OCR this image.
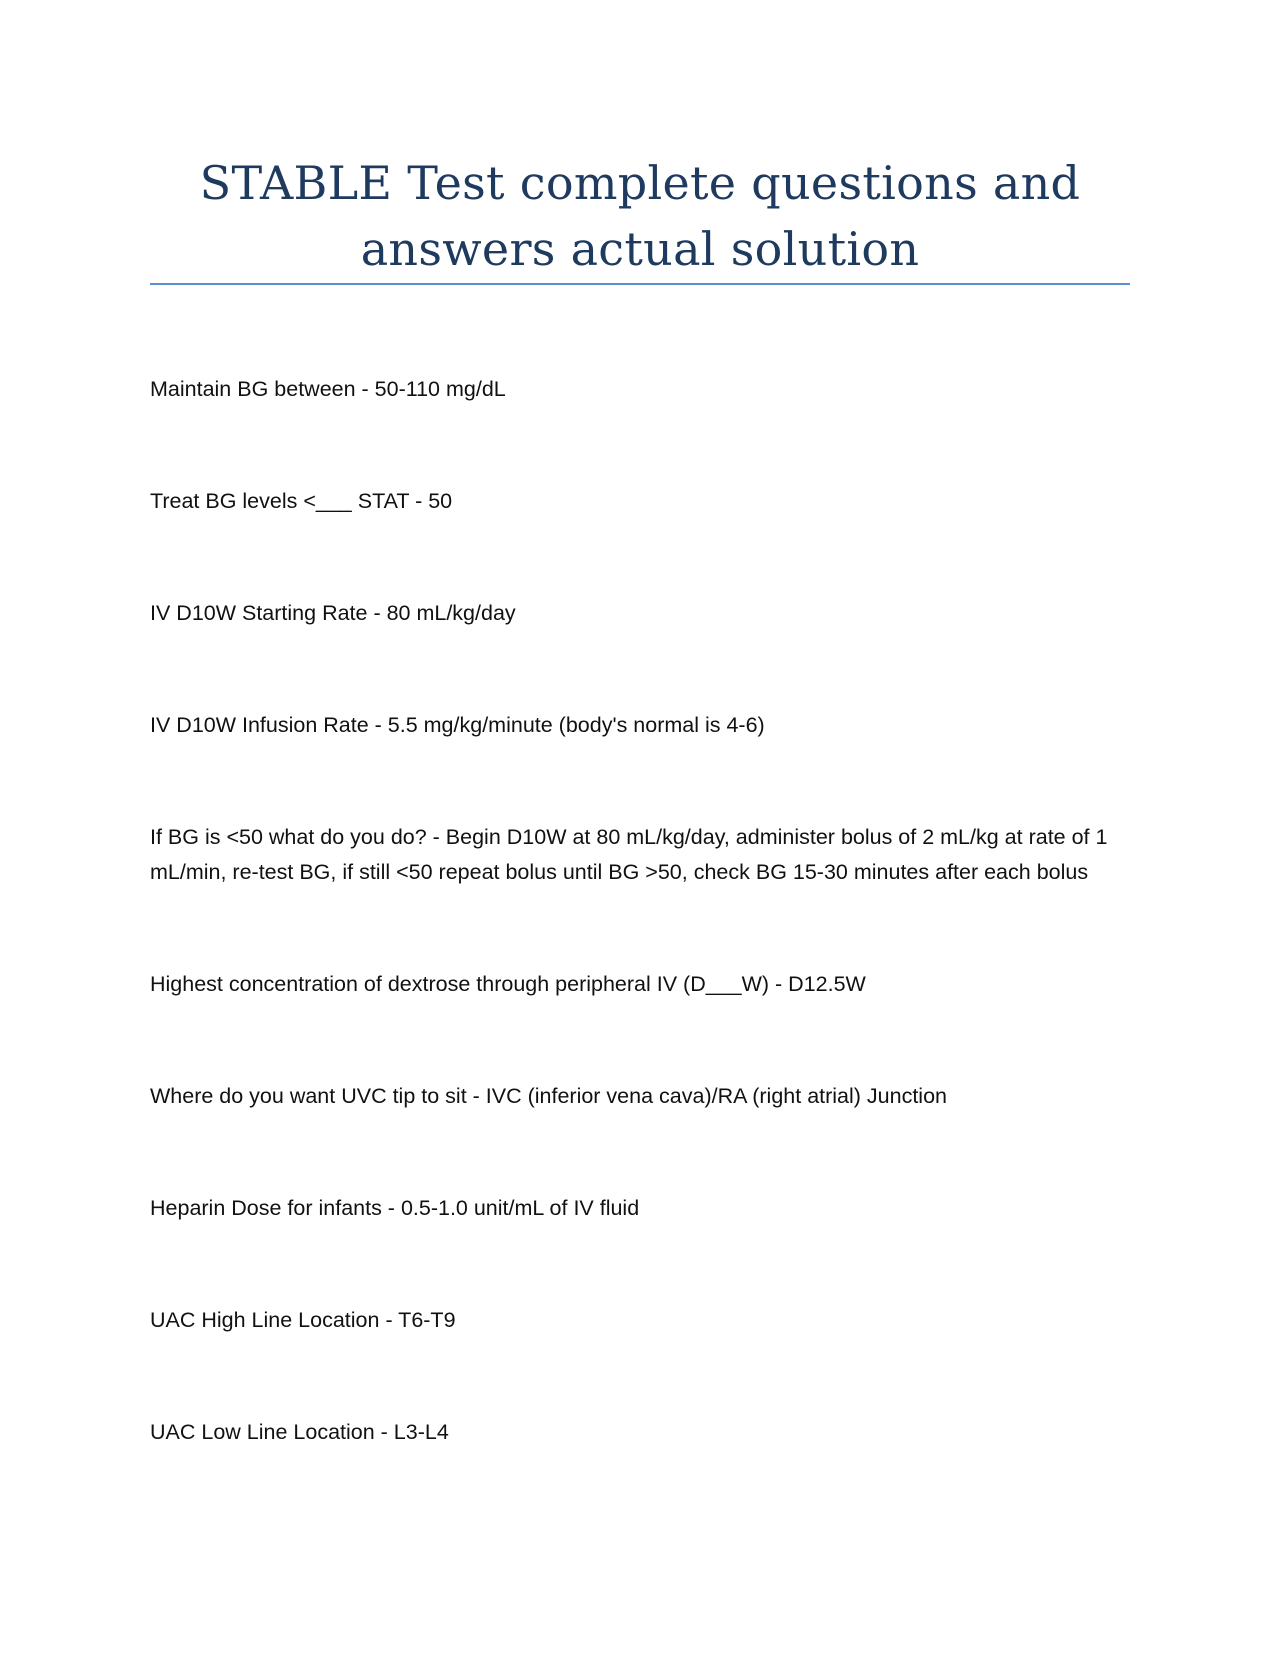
STABLE Test complete questions and answers actual solution
Maintain BG between - 50-110 mg/dL
Treat BG levels <___ STAT - 50
IV D10W Starting Rate - 80 mL/kg/day
IV D10W Infusion Rate - 5.5 mg/kg/minute (body's normal is 4-6)
If BG is <50 what do you do? - Begin D10W at 80 mL/kg/day, administer bolus of 2 mL/kg at rate of 1 mL/min, re-test BG, if still <50 repeat bolus until BG >50, check BG 15-30 minutes after each bolus
Highest concentration of dextrose through peripheral IV (D___W) - D12.5W
Where do you want UVC tip to sit - IVC (inferior vena cava)/RA (right atrial) Junction
Heparin Dose for infants - 0.5-1.0 unit/mL of IV fluid
UAC High Line Location - T6-T9
UAC Low Line Location - L3-L4
